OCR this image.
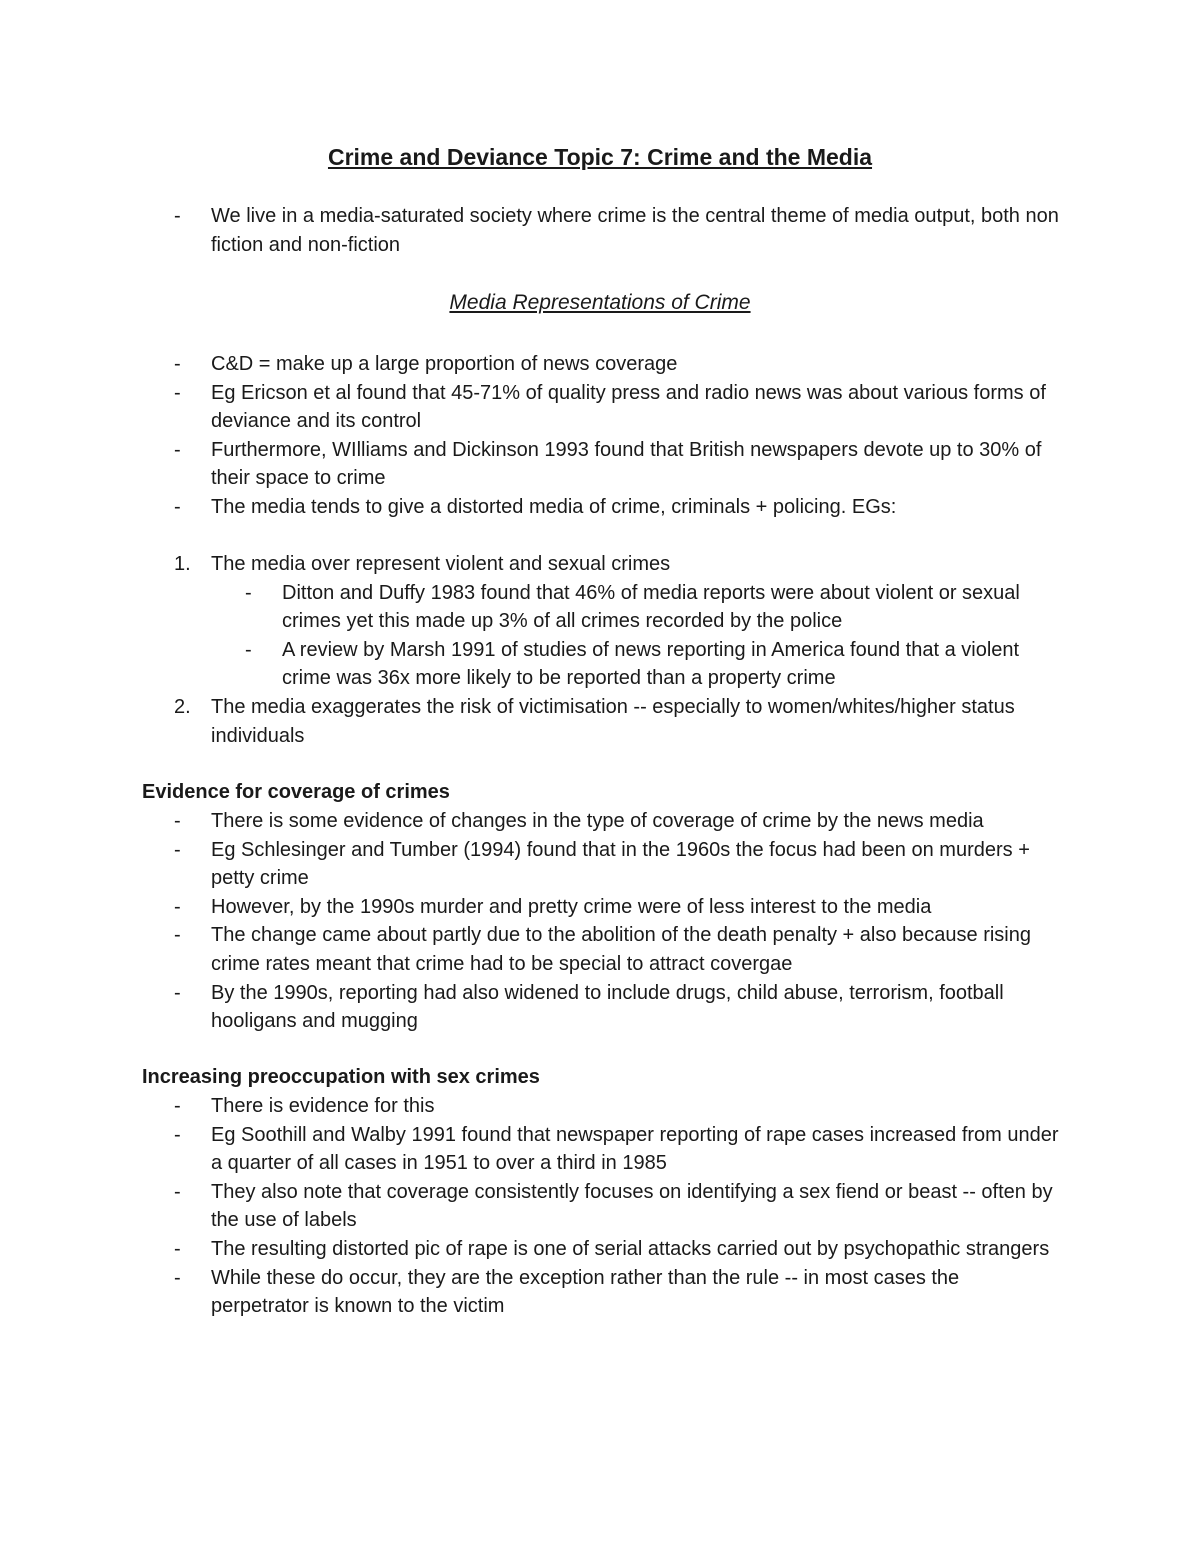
Crime and Deviance Topic 7: Crime and the Media
- We live in a media-saturated society where crime is the central theme of media output, both non fiction and non-fiction
Media Representations of Crime
- C&D = make up a large proportion of news coverage
- Eg Ericson et al found that 45-71% of quality press and radio news was about various forms of deviance and its control
- Furthermore, WIlliams and Dickinson 1993 found that British newspapers devote up to 30% of their space to crime
- The media tends to give a distorted media of crime, criminals + policing. EGs:
1. The media over represent violent and sexual crimes
- Ditton and Duffy 1983 found that 46% of media reports were about violent or sexual crimes yet this made up 3% of all crimes recorded by the police
- A review by Marsh 1991 of studies of news reporting in America found that a violent crime was 36x more likely to be reported than a property crime
2. The media exaggerates the risk of victimisation -- especially to women/whites/higher status individuals
Evidence for coverage of crimes
- There is some evidence of changes in the type of coverage of crime by the news media
- Eg Schlesinger and Tumber (1994) found that in the 1960s the focus had been on murders + petty crime
- However, by the 1990s murder and pretty crime were of less interest to the media
- The change came about partly due to the abolition of the death penalty + also because rising crime rates meant that crime had to be special to attract covergae
- By the 1990s, reporting had also widened to include drugs, child abuse, terrorism, football hooligans and mugging
Increasing preoccupation with sex crimes
- There is evidence for this
- Eg Soothill and Walby 1991 found that newspaper reporting of rape cases increased from under a quarter of all cases in 1951 to over a third in 1985
- They also note that coverage consistently focuses on identifying a sex fiend or beast -- often by the use of labels
- The resulting distorted pic of rape is one of serial attacks carried out by psychopathic strangers
- While these do occur, they are the exception rather than the rule -- in most cases the perpetrator is known to the victim
